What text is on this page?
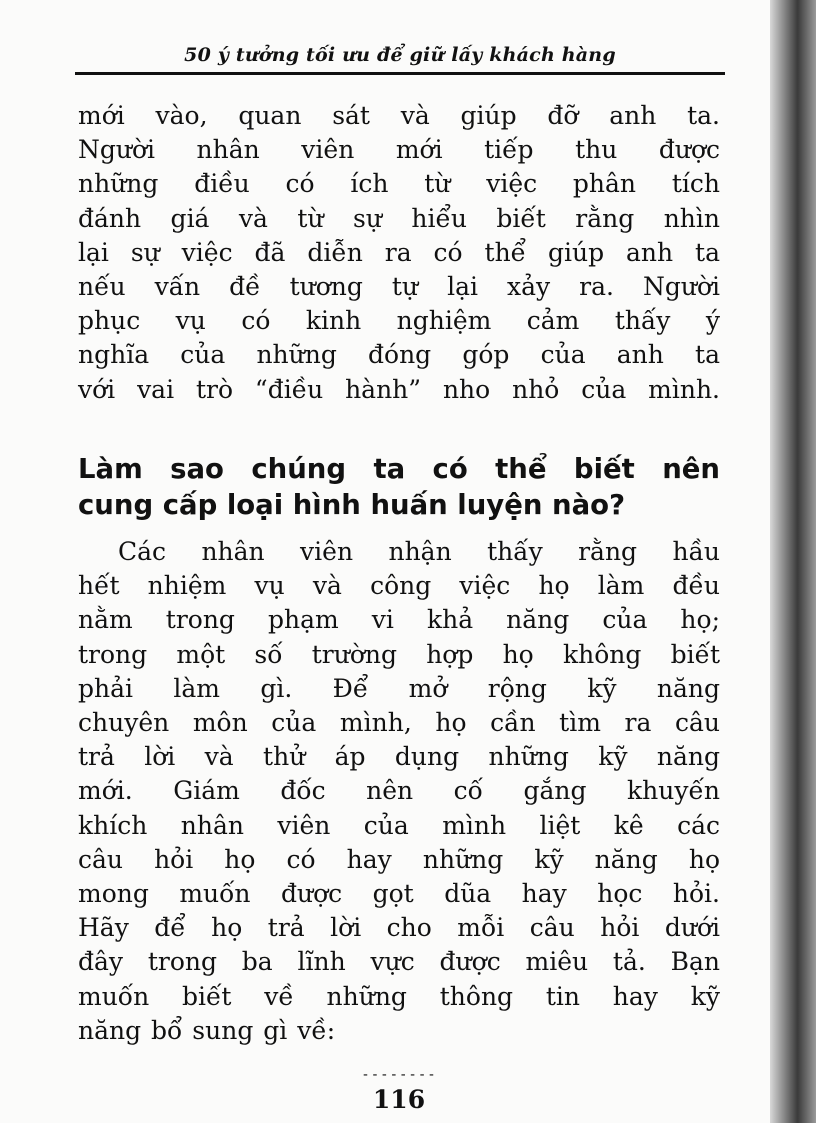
50 ý tưởng tối ưu để giữ lấy khách hàng

mới vào, quan sát và giúp đỡ anh ta.
Người nhân viên mới tiếp thu được
những điều có ích từ việc phân tích
đánh giá và từ sự hiểu biết rằng nhìn
lại sự việc đã diễn ra có thể giúp anh ta
nếu vấn đề tương tự lại xảy ra. Người
phục vụ có kinh nghiệm cảm thấy ý
nghĩa của những đóng góp của anh ta
với vai trò “điều hành” nho nhỏ của mình.

Làm sao chúng ta có thể biết nên
cung cấp loại hình huấn luyện nào?

Các nhân viên nhận thấy rằng hầu
hết nhiệm vụ và công việc họ làm đều
nằm trong phạm vi khả năng của họ;
trong một số trường hợp họ không biết
phải làm gì. Để mở rộng kỹ năng
chuyên môn của mình, họ cần tìm ra câu
trả lời và thử áp dụng những kỹ năng
mới. Giám đốc nên cố gắng khuyến
khích nhân viên của mình liệt kê các
câu hỏi họ có hay những kỹ năng họ
mong muốn được gọt dũa hay học hỏi.
Hãy để họ trả lời cho mỗi câu hỏi dưới
đây trong ba lĩnh vực được miêu tả. Bạn
muốn biết về những thông tin hay kỹ
năng bổ sung gì về:

--------
116
